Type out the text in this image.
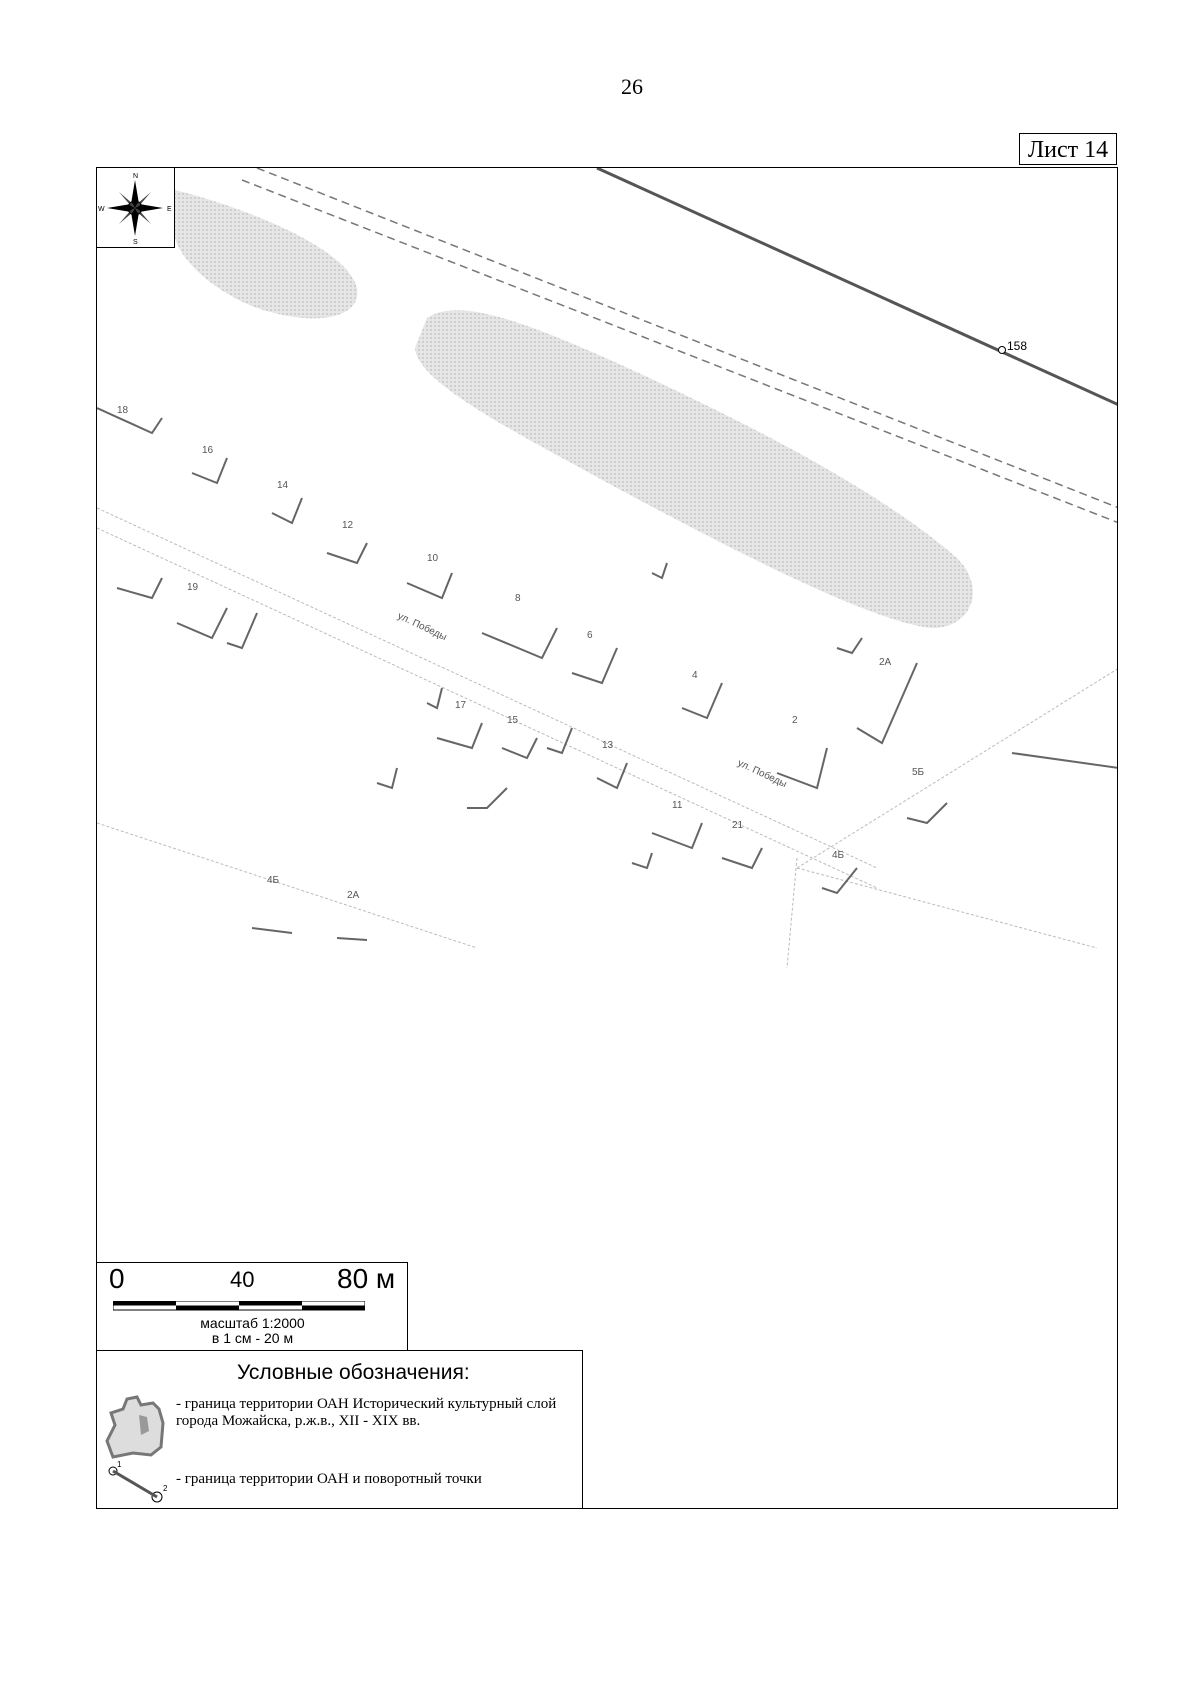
26
Лист 14
158
18
16
14
12
10
19
8
6
4
2А
2
17
15
13
11
21
5Б
4Б
2А
4Б
ул. Победы
ул. Победы
N
S
W	E
0	40	80 м
масштаб 1:2000
в 1 см - 20 м
Условные обозначения:
- граница территории ОАН Исторический культурный слой города Можайска, р.ж.в., XII - XIX вв.
1
2
- граница территории ОАН и поворотный точки
